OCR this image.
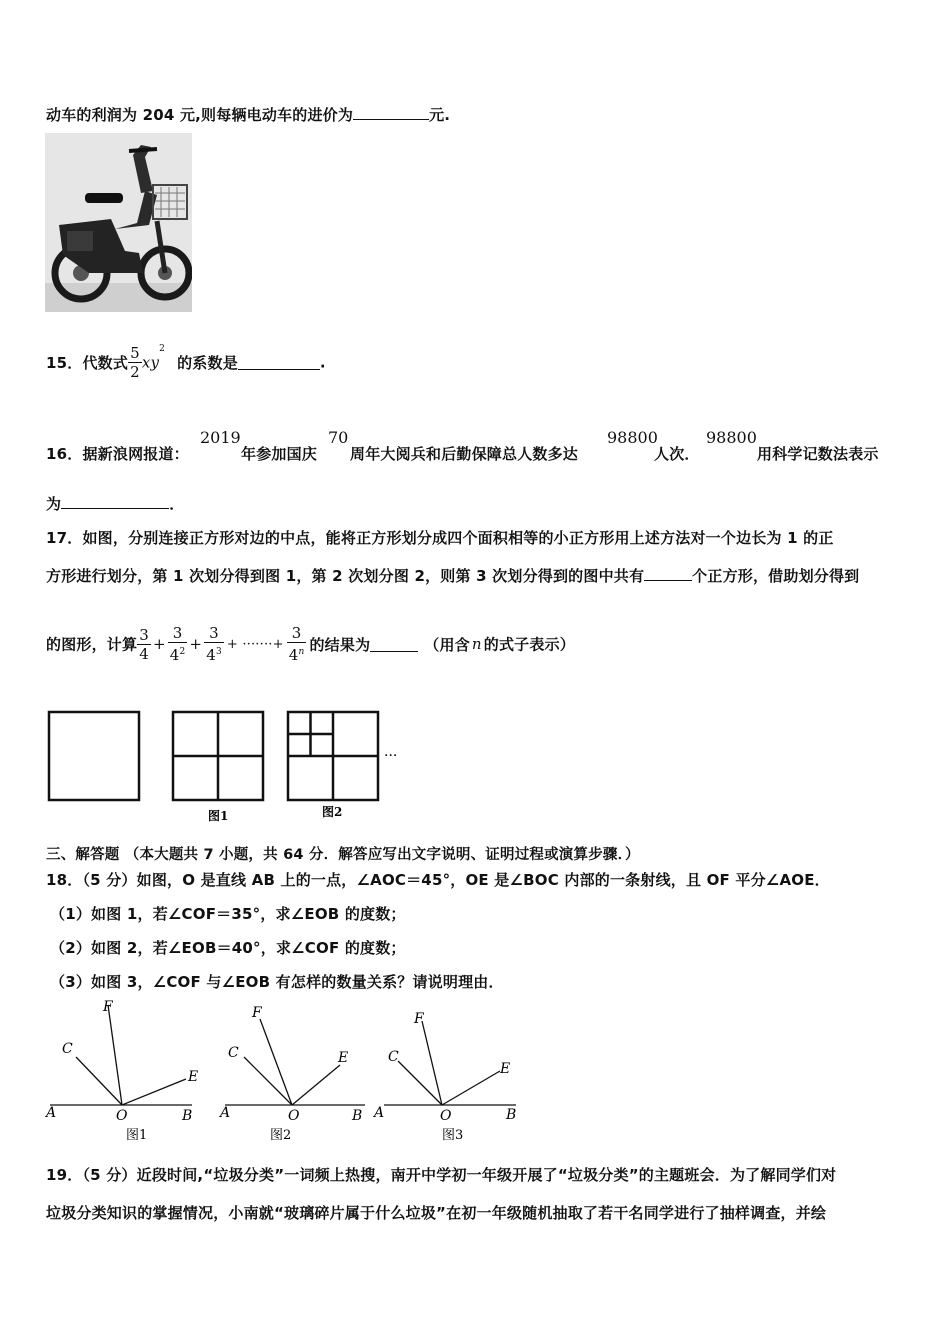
动车的利润为 204 元,则每辆电动车的进价为	元.
15．代数式 $\frac{5}{2} xy^2$的系数是	.
16．据新浪网报道：
2019
年参加国庆
70
周年大阅兵和后勤保障总人数多达
98800
人次．
98800
用科学记数法表示
为	．
17．如图，分别连接正方形对边的中点，能将正方形划分成四个面积相等的小正方形用上述方法对一个边长为 1 的正
方形进行划分，第 1 次划分得到图 1，第 2 次划分图 2，则第 3 次划分得到的图中共有	个正方形，借助划分得到
的图形，计算 $\frac{3}{4} + \frac{3}{4^2} + \frac{3}{4^3}$ + ·······+ $\frac{3}{4^n}$ 的结果为	（用含 n 的式子表示）
图1	图2
···
三、解答题 （本大题共 7 小题，共 64 分．解答应写出文字说明、证明过程或演算步骤．）
18．（5 分）如图，O 是直线 AB 上的一点，∠AOC＝45°，OE 是∠BOC 内部的一条射线，且 OF 平分∠AOE．
（1）如图 1，若∠COF＝35°，求∠EOB 的度数；
（2）如图 2，若∠EOB＝40°，求∠COF 的度数；
（3）如图 3，∠COF 与∠EOB 有怎样的数量关系？请说明理由．
A	O	B
C
F
E
图1
A	O	B
C
F
E
图2
A	O	B
C
F
E
图3
19．（5 分）近段时间,“垃圾分类”一词频上热搜，南开中学初一年级开展了“垃圾分类”的主题班会．为了解同学们对
垃圾分类知识的掌握情况，小南就“玻璃碎片属于什么垃圾”在初一年级随机抽取了若干名同学进行了抽样调查，并绘
